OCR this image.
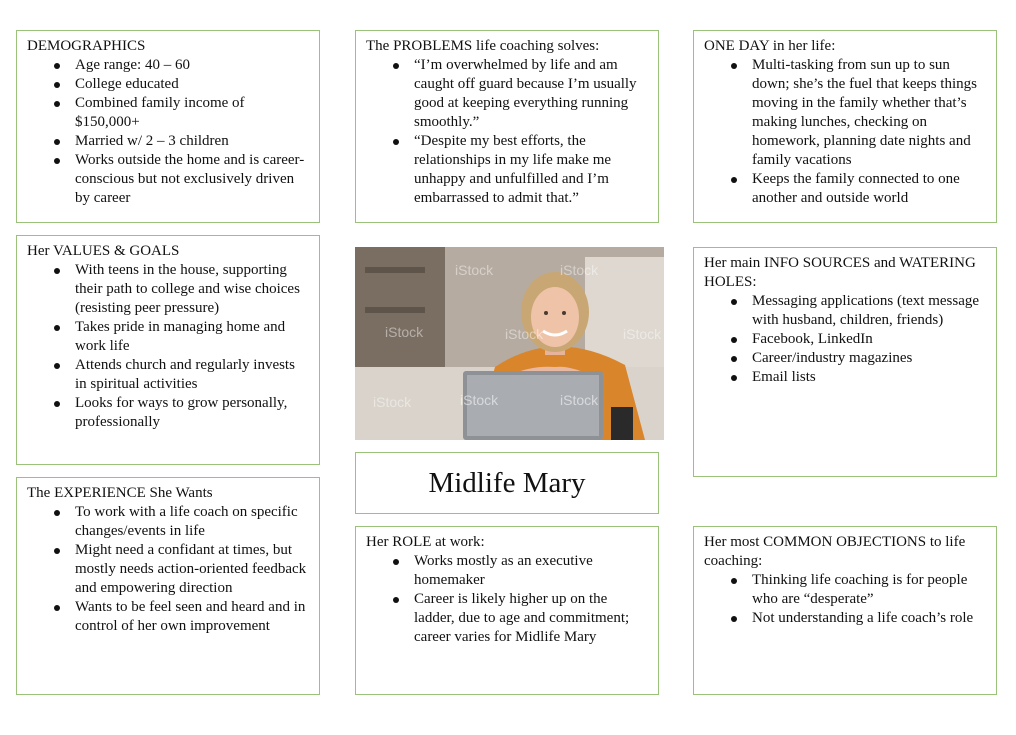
DEMOGRAPHICS
Age range: 40 – 60
College educated
Combined family income of $150,000+
Married w/ 2 – 3 children
Works outside the home and is career-conscious but not exclusively driven by career
The PROBLEMS life coaching solves:
“I’m overwhelmed by life and am caught off guard because I’m usually good at keeping everything running smoothly.”
“Despite my best efforts, the relationships in my life make me unhappy and unfulfilled and I’m embarrassed to admit that.”
ONE DAY in her life:
Multi-tasking from sun up to sun down; she’s the fuel that keeps things moving in the family whether that’s making lunches, checking on homework, planning date nights and family vacations
Keeps the family connected to one another and outside world
Her VALUES & GOALS
With teens in the house, supporting their path to college and wise choices (resisting peer pressure)
Takes pride in managing home and work life
Attends church and regularly invests in spiritual activities
Looks for ways to grow personally, professionally
iStock	iStock
iStock	iStock	iStock
iStock	iStock	iStock
Her main INFO SOURCES and WATERING HOLES:
Messaging applications (text message with husband, children, friends)
Facebook, LinkedIn
Career/industry magazines
Email lists
Midlife Mary
The EXPERIENCE She Wants
To work with a life coach on specific changes/events in life
Might need a confidant at times, but mostly needs action-oriented feedback and empowering direction
Wants to be feel seen and heard and in control of her own improvement
Her ROLE at work:
Works mostly as an executive homemaker
Career is likely higher up on the ladder, due to age and commitment; career varies for Midlife Mary
Her most COMMON OBJECTIONS to life coaching:
Thinking life coaching is for people who are “desperate”
Not understanding a life coach’s role
